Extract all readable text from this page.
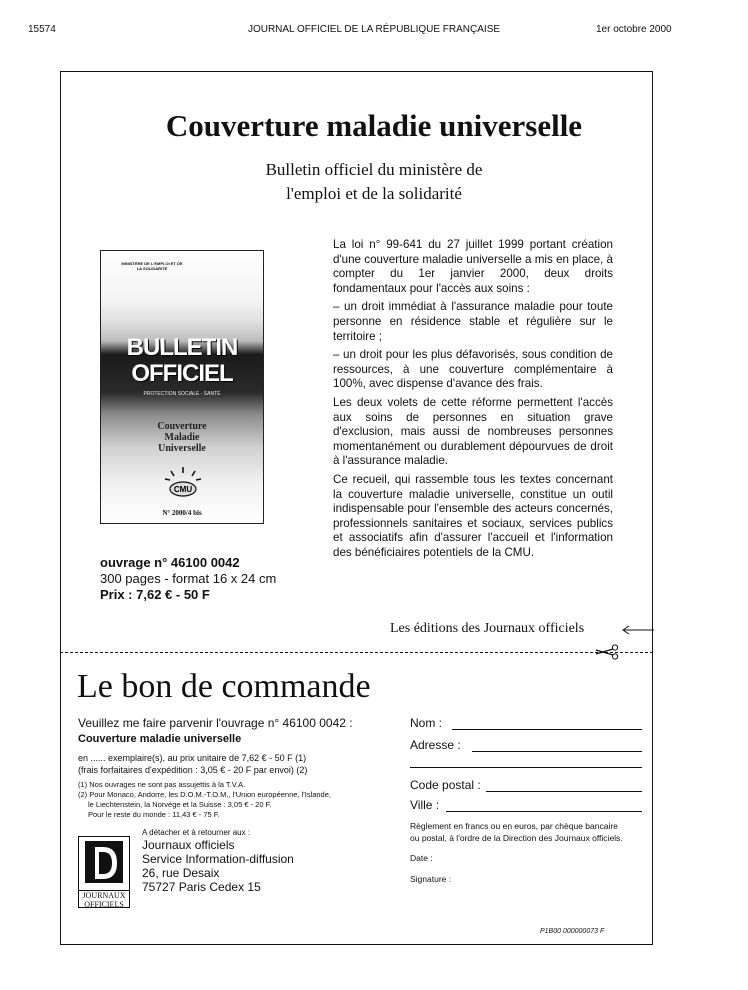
15574	JOURNAL OFFICIEL DE LA RÉPUBLIQUE FRANÇAISE	1er octobre 2000
Couverture maladie universelle
Bulletin officiel du ministère de
l'emploi et de la solidarité
MINISTÈRE DE L'EMPLOI ET DE LA SOLIDARITÉ
BULLETIN
OFFICIEL
PROTECTION SOCIALE - SANTÉ
Couverture
Maladie
Universelle
CMU
N° 2000/4 bis

La loi n° 99-641 du 27 juillet 1999 portant création d'une couverture maladie universelle a mis en place, à compter du 1er janvier 2000, deux droits fondamentaux pour l'accès aux soins :

– un droit immédiat à l'assurance maladie pour toute personne en résidence stable et régulière sur le territoire ;

– un droit pour les plus défavorisés, sous condition de ressources, à une couverture complémentaire à 100%, avec dispense d'avance des frais.

Les deux volets de cette réforme permettent l'accès aux soins de personnes en situation grave d'exclusion, mais aussi de nombreuses personnes momentanément ou durablement dépourvues de droit à l'assurance maladie.

Ce recueil, qui rassemble tous les textes concernant la couverture maladie universelle, constitue un outil indispensable pour l'ensemble des acteurs concernés, professionnels sanitaires et sociaux, services publics et associatifs afin d'assurer l'accueil et l'information des bénéficiaires potentiels de la CMU.

ouvrage n° 46100 0042
300 pages - format 16 x 24 cm
Prix : 7,62 € - 50 F
Les éditions des Journaux officiels
Le bon de commande
Veuillez me faire parvenir l'ouvrage n° 46100 0042 :
Couverture maladie universelle
en ...... exemplaire(s), au prix unitaire de 7,62 € - 50 F (1)
(frais forfaitaires d'expédition : 3,05 € - 20 F par envoi) (2)
(1) Nos ouvrages ne sont pas assujettis à la T.V.A.
(2) Pour Monaco, Andorre, les D.O.M.-T.O.M., l'Union européenne, l'Islande,
le Liechtenstein, la Norvège et la Suisse : 3,05 € - 20 F.
Pour le reste du monde : 11,43 € - 75 F.
A détacher et à retourner aux :
JOURNAUX
OFFICIELS
Journaux officiels
Service Information-diffusion
26, rue Desaix
75727 Paris Cedex 15
Nom :
Adresse :
Code postal :
Ville :
Règlement en francs ou en euros, par chèque bancaire
ou postal, à l'ordre de la Direction des Journaux officiels.
Date :
Signature :
P1B00 000000073 F
